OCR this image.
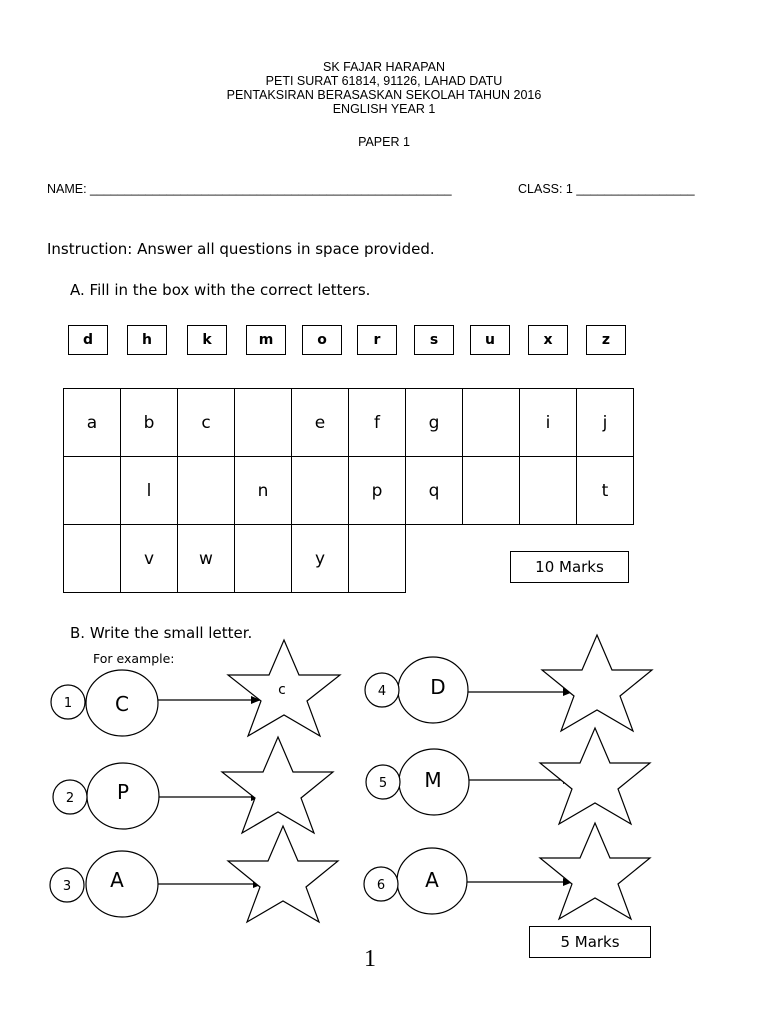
SK FAJAR HARAPAN
PETI SURAT 61814, 91126, LAHAD DATU
PENTAKSIRAN BERASASKAN SEKOLAH TAHUN 2016
ENGLISH YEAR 1
PAPER 1
NAME: ____________________________________________________	CLASS: 1 _________________
Instruction: Answer all questions in space provided.
A. Fill in the box with the correct letters.
d	h	k	m	o	r	s	u	x	z
a	b	c		e	f	g		i	j
	l		n		p	q			t
	v	w		y						10 Marks
B. Write the small letter.
For example:
1 C
c
2 P
3 A
4 D
5 M
6 A
5 Marks
1
